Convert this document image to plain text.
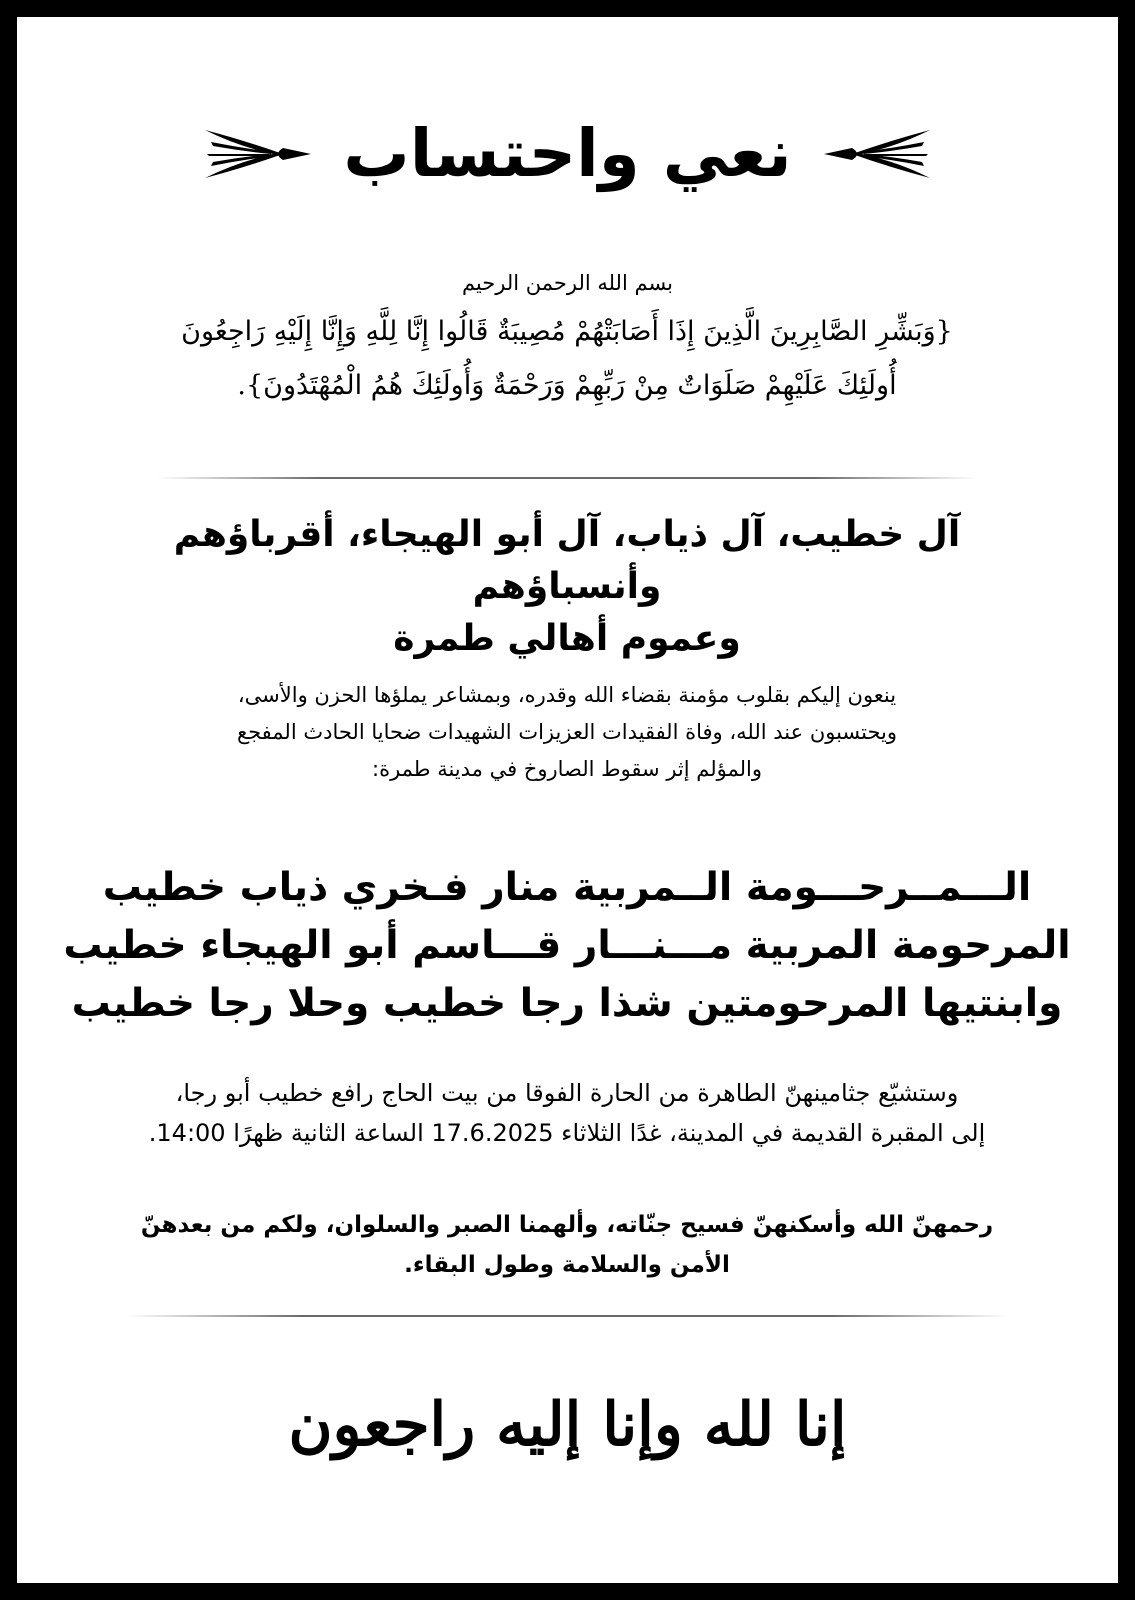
نعي واحتساب
بسم الله الرحمن الرحيم
{وَبَشِّرِ الصَّابِرِينَ الَّذِينَ إِذَا أَصَابَتْهُمْ مُصِيبَةٌ قَالُوا إِنَّا لِلَّهِ وَإِنَّا إِلَيْهِ رَاجِعُونَ
أُولَئِكَ عَلَيْهِمْ صَلَوَاتٌ مِنْ رَبِّهِمْ وَرَحْمَةٌ وَأُولَئِكَ هُمُ الْمُهْتَدُونَ}.
آل خطيب، آل ذياب، آل أبو الهيجاء، أقرباؤهم وأنسباؤهم
وعموم أهالي طمرة
ينعون إليكم بقلوب مؤمنة بقضاء الله وقدره، وبمشاعر يملؤها الحزن والأسى،
ويحتسبون عند الله، وفاة الفقيدات العزيزات الشهيدات ضحايا الحادث المفجع
والمؤلم إثر سقوط الصاروخ في مدينة طمرة:
الـــمــرحـــومة الــمربية منار فـخري ذياب خطيب
المرحومة المربية مـــنـــار قـــاسم أبو الهيجاء خطيب
وابنتيها المرحومتين شذا رجا خطيب وحلا رجا خطيب
وستشيّع جثامينهنّ الطاهرة من الحارة الفوقا من بيت الحاج رافع خطيب أبو رجا،
إلى المقبرة القديمة في المدينة، غدًا الثلاثاء 17.6.2025 الساعة الثانية ظهرًا 14:00.
رحمهنّ الله وأسكنهنّ فسيح جنّاته، وألهمنا الصبر والسلوان، ولكم من بعدهنّ
الأمن والسلامة وطول البقاء.
إنا لله وإنا إليه راجعون
